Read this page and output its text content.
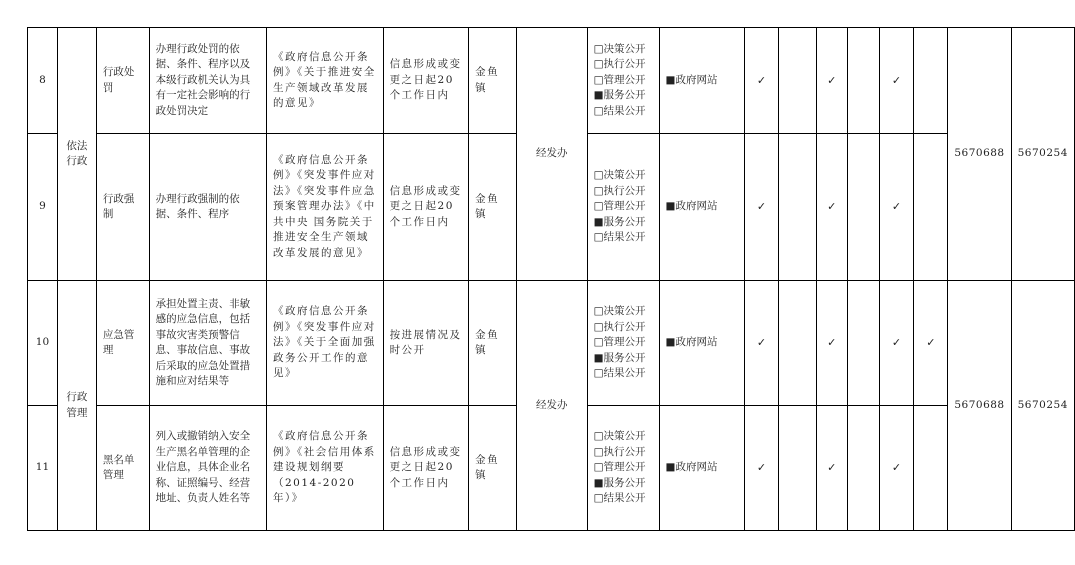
8	依法行政	行政处罚	办理行政处罚的依据、条件、程序以及本级行政机关认为具有一定社会影响的行政处罚决定	《政府信息公开条例》《关于推进安全生产领域改革发展的意见》	信息形成或变更之日起20个工作日内	金鱼镇	经发办	□决策公开
□执行公开
□管理公开
■服务公开
□结果公开	■政府网站	✓		✓		✓		5670688	5670254
9		行政强制	办理行政强制的依据、条件、程序	《政府信息公开条例》《突发事件应对法》《突发事件应急预案管理办法》《中共中央 国务院关于推进安全生产领域改革发展的意见》	信息形成或变更之日起20个工作日内	金鱼镇		□决策公开
□执行公开
□管理公开
■服务公开
□结果公开	■政府网站	✓		✓		✓			
10	行政管理	应急管理	承担处置主责、非敏感的应急信息，包括事故灾害类预警信息、事故信息、事故后采取的应急处置措施和应对结果等	《政府信息公开条例》《突发事件应对法》《关于全面加强政务公开工作的意见》	按进展情况及时公开	金鱼镇	经发办	□决策公开
□执行公开
□管理公开
■服务公开
□结果公开	■政府网站	✓		✓		✓	✓	5670688	5670254
11		黑名单管理	列入或撤销纳入安全生产黑名单管理的企业信息，具体企业名称、证照编号、经营地址、负责人姓名等	《政府信息公开条例》《社会信用体系建设规划纲要（2014-2020年）》	信息形成或变更之日起20个工作日内	金鱼镇		□决策公开
□执行公开
□管理公开
■服务公开
□结果公开	■政府网站	✓		✓		✓			
